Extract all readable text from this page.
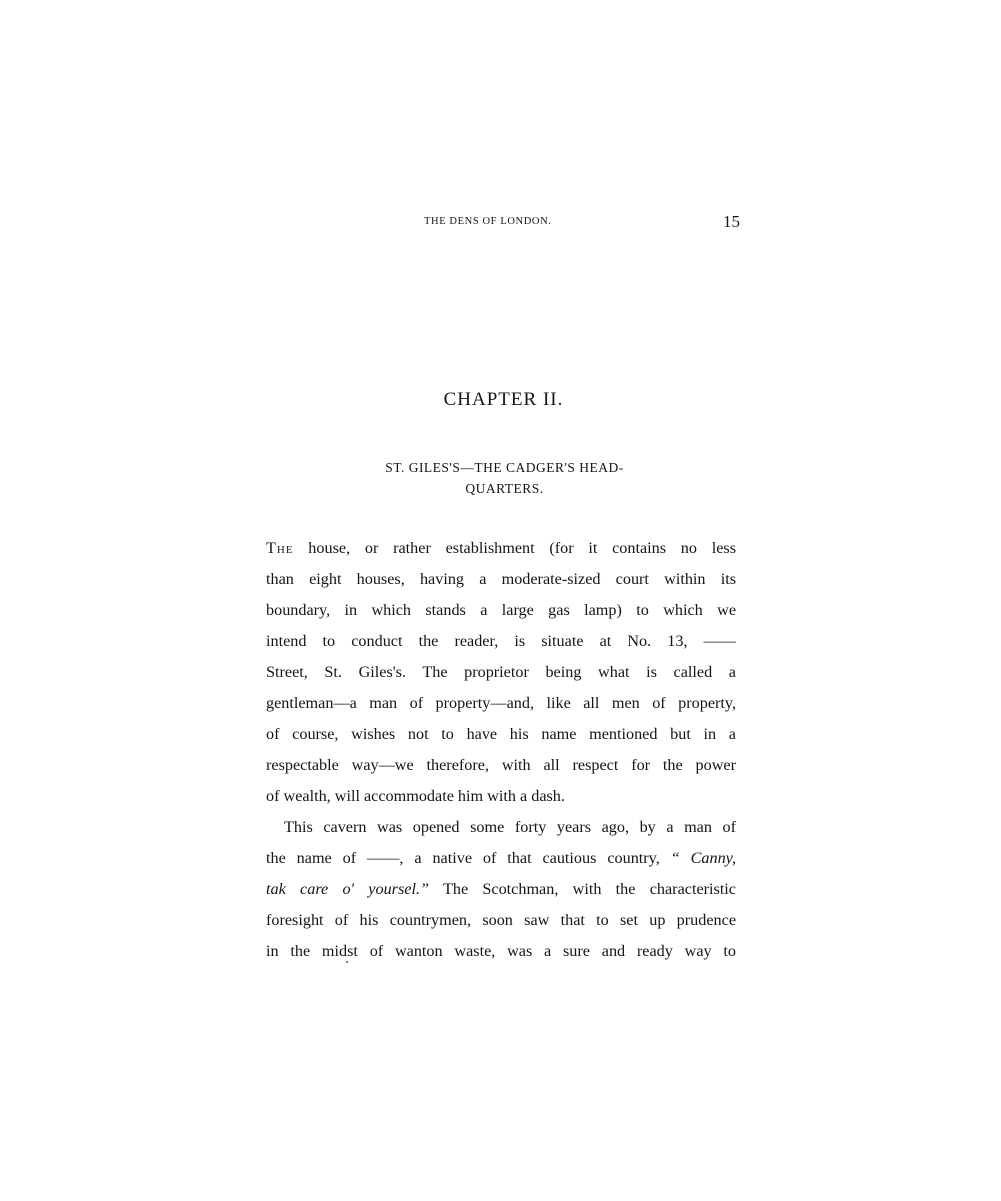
THE DENS OF LONDON.	15
CHAPTER II.
ST. GILES'S—THE CADGER'S HEAD-
QUARTERS.
The house, or rather establishment (for it contains no less
than eight houses, having a moderate-sized court within its
boundary, in which stands a large gas lamp) to which we
intend to conduct the reader, is situate at No. 13, ——
Street, St. Giles's. The proprietor being what is called a
gentleman—a man of property—and, like all men of property,
of course, wishes not to have his name mentioned but in a
respectable way—we therefore, with all respect for the power
of wealth, will accommodate him with a dash.
This cavern was opened some forty years ago, by a man of
the name of ——, a native of that cautious country, “ Canny,
tak care o' yoursel.” The Scotchman, with the characteristic
foresight of his countrymen, soon saw that to set up prudence
in the midst of wanton waste, was a sure and ready way to
